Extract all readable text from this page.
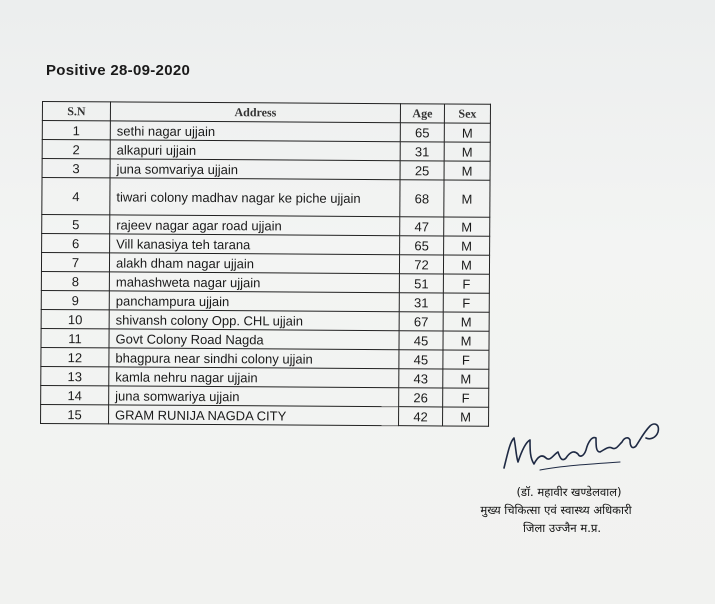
Positive 28-09-2020
S.N	Address	Age	Sex
1	sethi nagar ujjain	65	M
2	alkapuri ujjain	31	M
3	juna somvariya ujjain	25	M
4	tiwari colony madhav nagar ke piche ujjain	68	M
5	rajeev nagar agar road ujjain	47	M
6	Vill kanasiya teh tarana	65	M
7	alakh dham nagar ujjain	72	M
8	mahashweta nagar ujjain	51	F
9	panchampura ujjain	31	F
10	shivansh colony Opp. CHL ujjain	67	M
11	Govt Colony Road Nagda	45	M
12	bhagpura near sindhi colony ujjain	45	F
13	kamla nehru nagar ujjain	43	M
14	juna somwariya ujjain	26	F
15	GRAM RUNIJA NAGDA CITY	42	M
(डॉ. महावीर खण्डेलवाल)
मुख्य चिकित्सा एवं स्वास्थ्य अधिकारी
जिला उज्जैन म.प्र.
